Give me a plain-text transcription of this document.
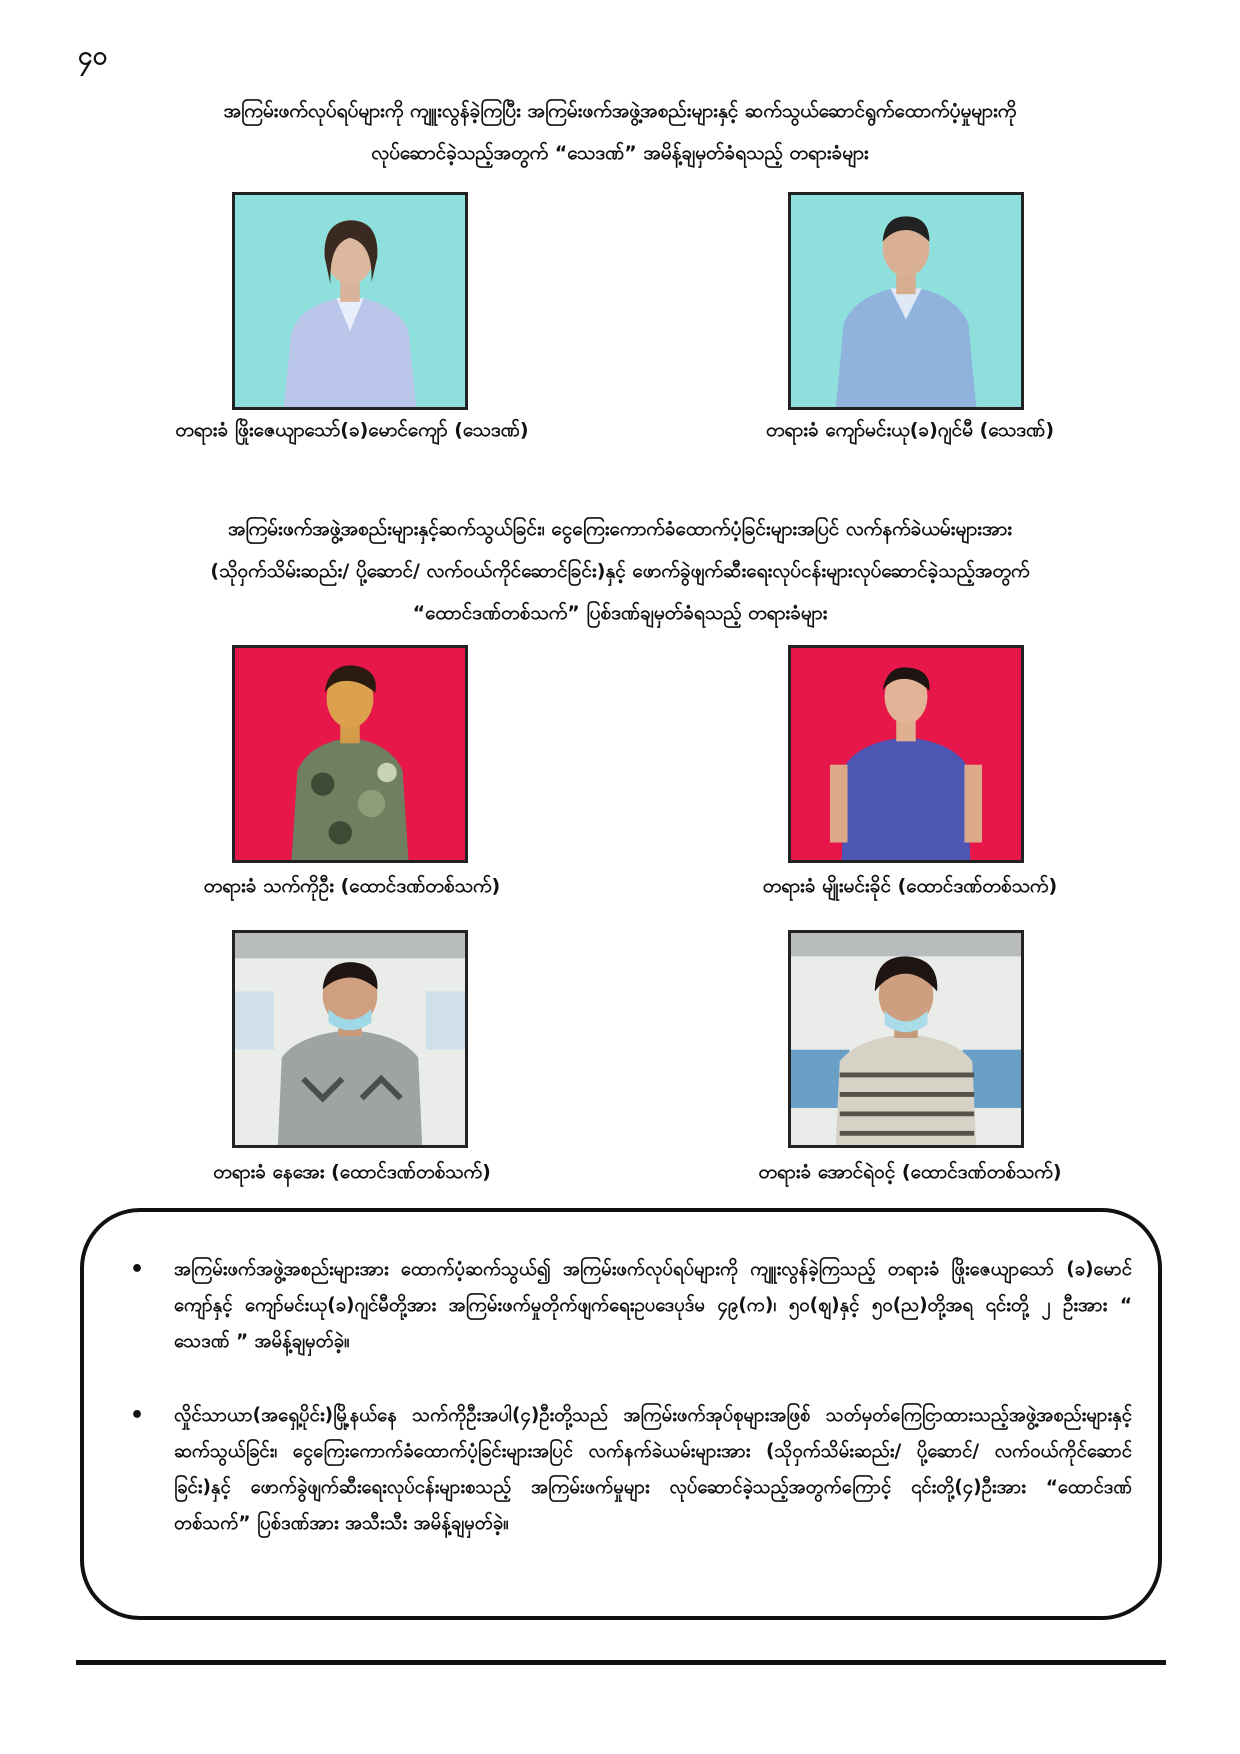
၄၀

အကြမ်းဖက်လုပ်ရပ်များကို ကျူးလွန်ခဲ့ကြပြီး အကြမ်းဖက်အဖွဲ့အစည်းများနှင့် ဆက်သွယ်ဆောင်ရွက်ထောက်ပံ့မှုများကို

လုပ်ဆောင်ခဲ့သည့်အတွက် “သေဒဏ်” အမိန့်ချမှတ်ခံရသည့် တရားခံများ

တရားခံ ဖြိုးဇေယျာသော်(ခ)မောင်ကျော် (သေဒဏ်)	တရားခံ ကျော်မင်းယု(ခ)ဂျင်မီ (သေဒဏ်)

အကြမ်းဖက်အဖွဲ့အစည်းများနှင့်ဆက်သွယ်ခြင်း၊ ငွေကြေးကောက်ခံထောက်ပံ့ခြင်းများအပြင် လက်နက်ခဲယမ်းများအား

(သိုဝှက်သိမ်းဆည်း/ ပို့ဆောင်/ လက်ဝယ်ကိုင်ဆောင်ခြင်း)နှင့် ဖောက်ခွဲဖျက်ဆီးရေးလုပ်ငန်းများလုပ်ဆောင်ခဲ့သည့်အတွက်

“ထောင်ဒဏ်တစ်သက်” ပြစ်ဒဏ်ချမှတ်ခံရသည့် တရားခံများ

တရားခံ သက်ကိုဦး (ထောင်ဒဏ်တစ်သက်)	တရားခံ မျိုးမင်းခိုင် (ထောင်ဒဏ်တစ်သက်)
တရားခံ နေအေး (ထောင်ဒဏ်တစ်သက်)	တရားခံ အောင်ရဲဝင့် (ထောင်ဒဏ်တစ်သက်)
• အကြမ်းဖက်အဖွဲ့အစည်းများအား ထောက်ပံ့ဆက်သွယ်၍ အကြမ်းဖက်လုပ်ရပ်များကို ကျူးလွန်ခဲ့ကြသည့် တရားခံ ဖြိုးဇေယျာသော် (ခ)မောင်ကျော်နှင့် ကျော်မင်းယု(ခ)ဂျင်မီတို့အား အကြမ်းဖက်မှုတိုက်ဖျက်ရေးဥပဒေပုဒ်မ ၄၉(က)၊ ၅၀(ဈ)နှင့် ၅၀(ည)တို့အရ ၎င်းတို့ ၂ ဦးအား “ သေဒဏ် ” အမိန့်ချမှတ်ခဲ့။
• လှိုင်သာယာ(အရှေ့ပိုင်း)မြို့နယ်နေ သက်ကိုဦးအပါ(၄)ဦးတို့သည် အကြမ်းဖက်အုပ်စုများအဖြစ် သတ်မှတ်ကြေငြာထားသည့်အဖွဲ့အစည်းများနှင့် ဆက်သွယ်ခြင်း၊ ငွေကြေးကောက်ခံထောက်ပံ့ခြင်းများအပြင် လက်နက်ခဲယမ်းများအား (သိုဝှက်သိမ်းဆည်း/ ပို့ဆောင်/ လက်ဝယ်ကိုင်ဆောင်ခြင်း)နှင့် ဖောက်ခွဲဖျက်ဆီးရေးလုပ်ငန်းများစသည့် အကြမ်းဖက်မှုများ လုပ်ဆောင်ခဲ့သည့်အတွက်ကြောင့် ၎င်းတို့(၄)ဦးအား “ထောင်ဒဏ်တစ်သက်” ပြစ်ဒဏ်အား အသီးသီး အမိန့်ချမှတ်ခဲ့။
